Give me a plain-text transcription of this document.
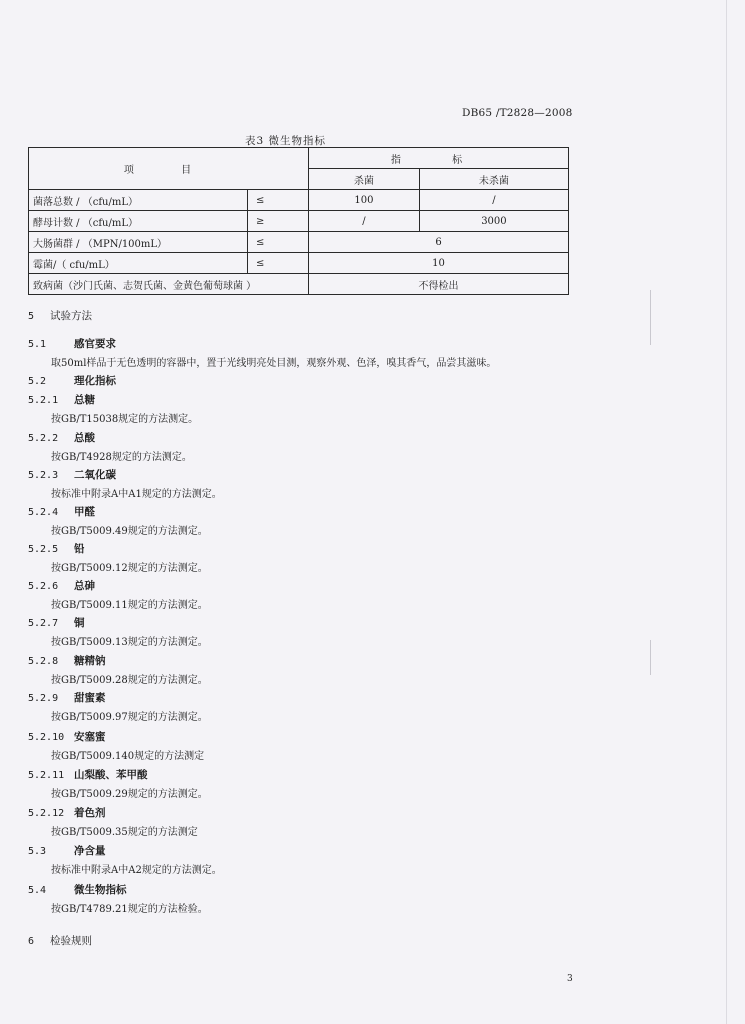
DB65 /T2828—2008
表3 微生物指标
项 目		指 标	
		杀菌	未杀菌
菌落总数 / （cfu/mL）	≤	100	/
酵母计数 / （cfu/mL）	≥	/	3000
大肠菌群 / （MPN/100mL）	≤	6	
霉菌/（ cfu/mL）	≤	10	
致病菌（沙门氏菌、志贺氏菌、金黄色葡萄球菌 ）		不得检出	
5 试验方法
5.1	感官要求
取50ml样品于无色透明的容器中，置于光线明亮处目测，观察外观、色泽，嗅其香气，品尝其滋味。
5.2	理化指标
5.2.1 总糖
按GB/T15038规定的方法测定。
5.2.2 总酸
按GB/T4928规定的方法测定。
5.2.3 二氧化碳
按标准中附录A中A1规定的方法测定。
5.2.4 甲醛
按GB/T5009.49规定的方法测定。
5.2.5 铅
按GB/T5009.12规定的方法测定。
5.2.6 总砷
按GB/T5009.11规定的方法测定。
5.2.7 铜
按GB/T5009.13规定的方法测定。
5.2.8 糖精钠
按GB/T5009.28规定的方法测定。
5.2.9 甜蜜素
按GB/T5009.97规定的方法测定。
5.2.10 安塞蜜
按GB/T5009.140规定的方法测定
5.2.11 山梨酸、苯甲酸
按GB/T5009.29规定的方法测定。
5.2.12 着色剂
按GB/T5009.35规定的方法测定
5.3	净含量
按标准中附录A中A2规定的方法测定。
5.4	微生物指标
按GB/T4789.21规定的方法检验。
6 检验规则
3
